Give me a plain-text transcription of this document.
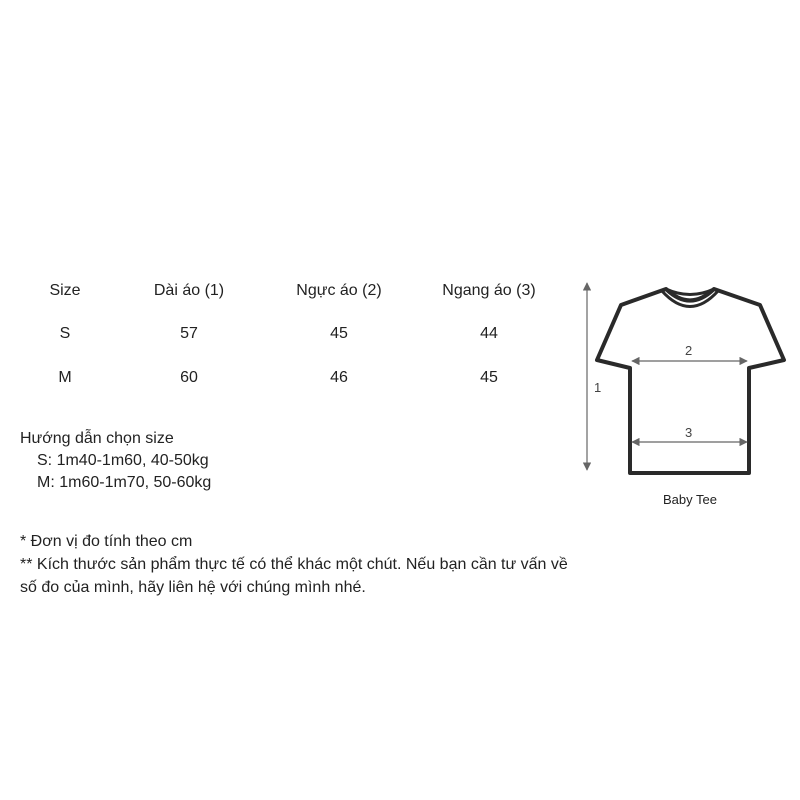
Size	Dài áo (1)	Ngực áo (2)	Ngang áo (3)
S	57	45	44
M	60	46	45

Hướng dẫn chọn size

S: 1m40-1m60, 40-50kg

M: 1m60-1m70, 50-60kg

* Đơn vị đo tính theo cm

** Kích thước sản phẩm thực tế có thể khác một chút. Nếu bạn cần tư vấn về số đo của mình, hãy liên hệ với chúng mình nhé.

1
2
3
Baby Tee
